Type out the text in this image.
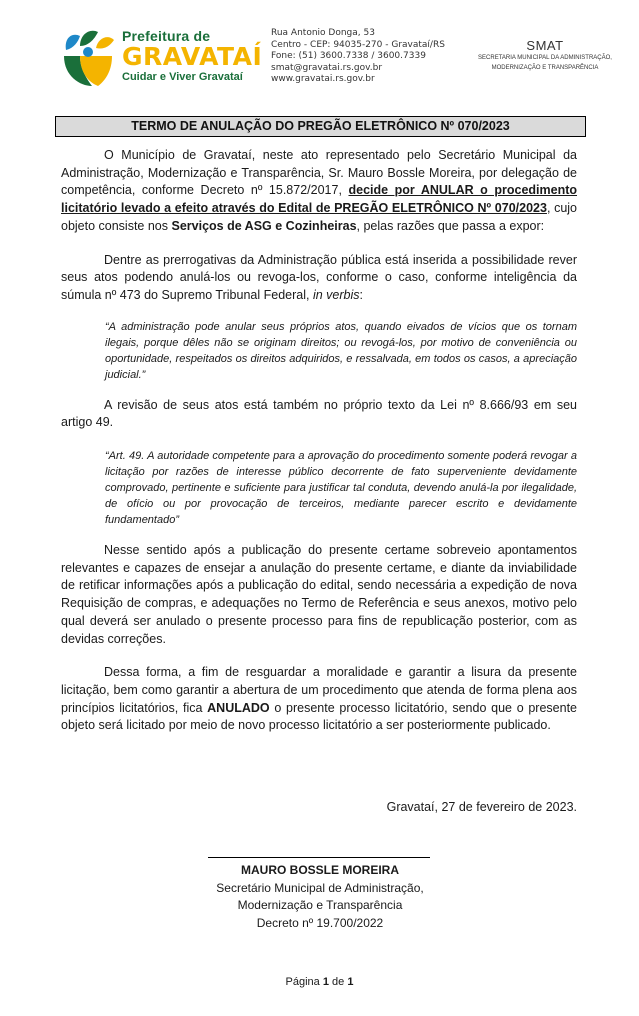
Prefeitura de
GRAVATAÍ
Cuidar e Viver Gravataí
Rua Antonio Donga, 53
Centro - CEP: 94035-270 - Gravataí/RS
Fone: (51) 3600.7338 / 3600.7339
smat@gravatai.rs.gov.br
www.gravatai.rs.gov.br
SMAT
SECRETARIA MUNICIPAL DA ADMINISTRAÇÃO,
MODERNIZAÇÃO E TRANSPARÊNCIA
TERMO DE ANULAÇÃO DO PREGÃO ELETRÔNICO Nº 070/2023

O Município de Gravataí, neste ato representado pelo Secretário Municipal da Administração, Modernização e Transparência, Sr. Mauro Bossle Moreira, por delegação de competência, conforme Decreto nº 15.872/2017, decide por ANULAR o procedimento licitatório levado a efeito através do Edital de PREGÃO ELETRÔNICO Nº 070/2023, cujo objeto consiste nos Serviços de ASG e Cozinheiras, pelas razões que passa a expor:

Dentre as prerrogativas da Administração pública está inserida a possibilidade rever seus atos podendo anulá-los ou revoga-los, conforme o caso, conforme inteligência da súmula nº 473 do Supremo Tribunal Federal, in verbis:

“A administração pode anular seus próprios atos, quando eivados de vícios que os tornam ilegais, porque dêles não se originam direitos; ou revogá-los, por motivo de conveniência ou oportunidade, respeitados os direitos adquiridos, e ressalvada, em todos os casos, a apreciação judicial.”

A revisão de seus atos está também no próprio texto da Lei nº 8.666/93 em seu artigo 49.

“Art. 49. A autoridade competente para a aprovação do procedimento somente poderá revogar a licitação por razões de interesse público decorrente de fato superveniente devidamente comprovado, pertinente e suficiente para justificar tal conduta, devendo anulá-la por ilegalidade, de ofício ou por provocação de terceiros, mediante parecer escrito e devidamente fundamentado”

Nesse sentido após a publicação do presente certame sobreveio apontamentos relevantes e capazes de ensejar a anulação do presente certame, e diante da inviabilidade de retificar informações após a publicação do edital, sendo necessária a expedição de nova Requisição de compras, e adequações no Termo de Referência e seus anexos, motivo pelo qual deverá ser anulado o presente processo para fins de republicação posterior, com as devidas correções.

Dessa forma, a fim de resguardar a moralidade e garantir a lisura da presente licitação, bem como garantir a abertura de um procedimento que atenda de forma plena aos princípios licitatórios, fica ANULADO o presente processo licitatório, sendo que o presente objeto será licitado por meio de novo processo licitatório a ser posteriormente publicado.

Gravataí, 27 de fevereiro de 2023.
MAURO BOSSLE MOREIRA
Secretário Municipal de Administração,
Modernização e Transparência
Decreto nº 19.700/2022
Página 1 de 1
